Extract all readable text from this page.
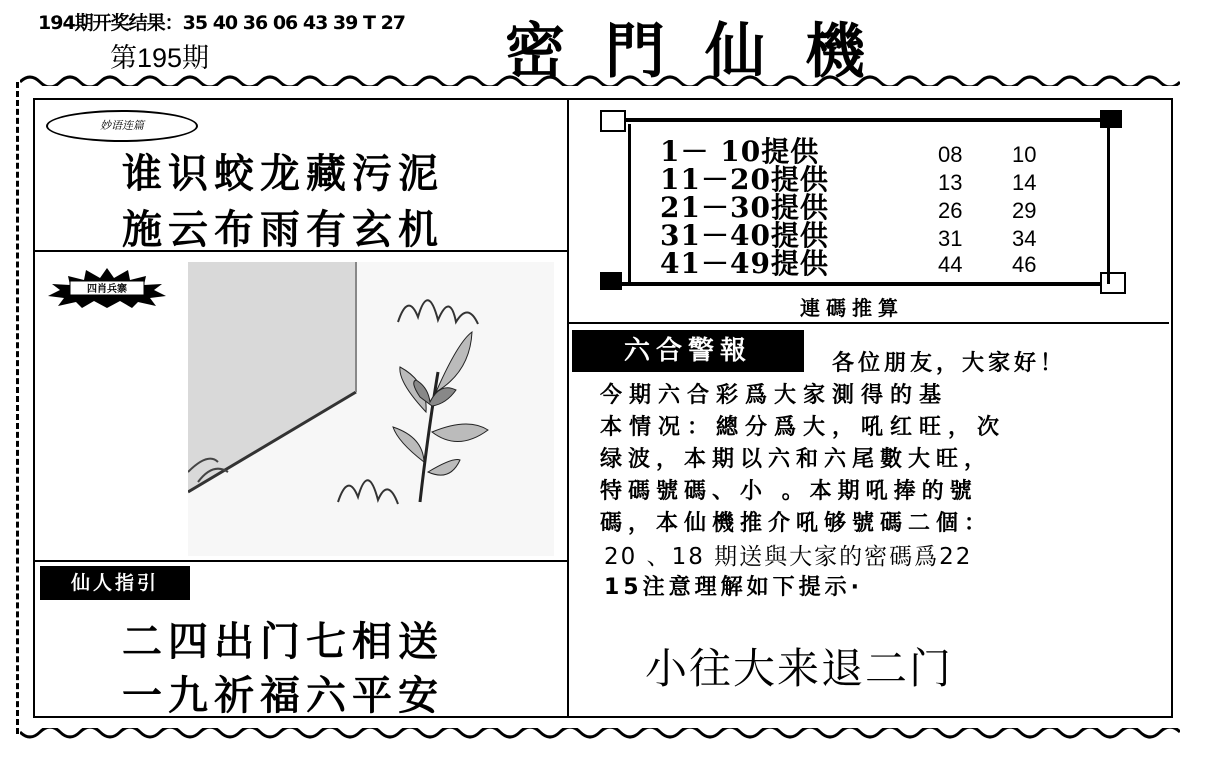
194期开奖结果：35 40 36 06 43 39 T 27
第195期	密門仙機
妙语连篇
谁识蛟龙藏污泥
施云布雨有玄机
四肖兵寨
仙人指引
二四出门七相送
一九祈福六平安
1－ 10提供	08 10
11－20提供	13 14
21－30提供	26 29
31－40提供	31 34
41－49提供	44 46
連碼推算
六合警報	各位朋友，大家好！
今期六合彩爲大家測得的基
本情况：總分爲大，吼红旺，次
绿波，本期以六和六尾數大旺，
特碼號碼、小 。本期吼捧的號
碼，本仙機推介吼够號碼二個：
20 、18 期送與大家的密碼爲22
15注意理解如下提示·
小往大来退二门
